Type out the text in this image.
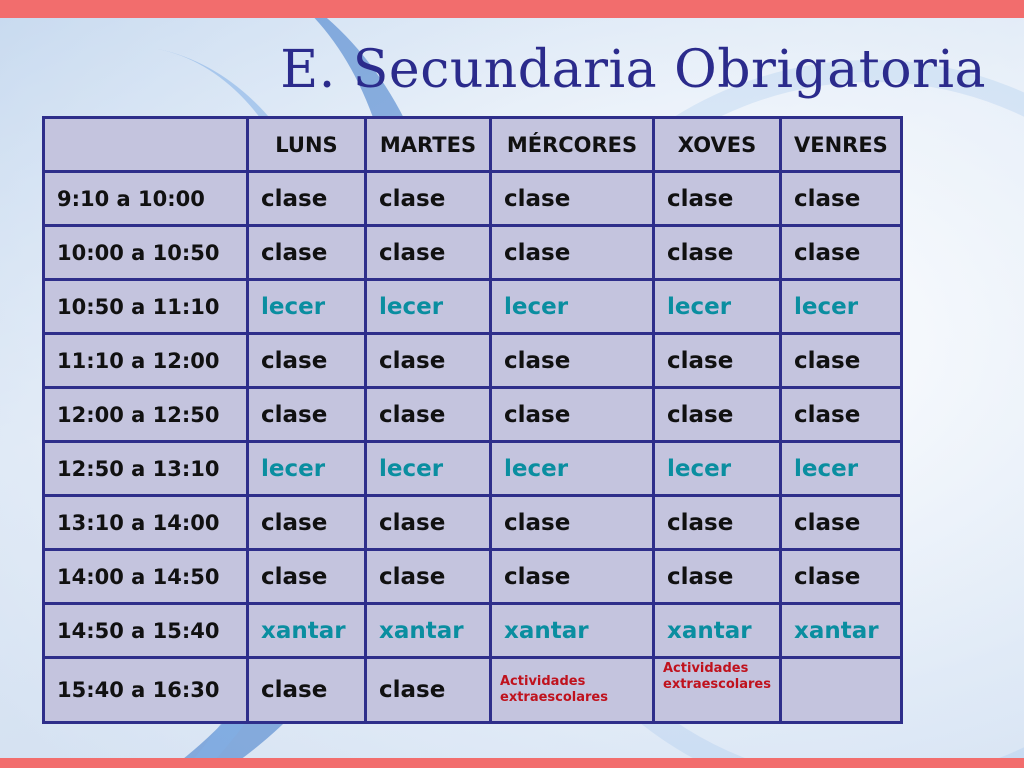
E. Secundaria Obrigatoria
	LUNS	MARTES	MÉRCORES	XOVES	VENRES
9:10 a 10:00	clase	clase	clase	clase	clase
10:00 a 10:50	clase	clase	clase	clase	clase
10:50 a 11:10	lecer	lecer	lecer	lecer	lecer
11:10 a 12:00	clase	clase	clase	clase	clase
12:00 a 12:50	clase	clase	clase	clase	clase
12:50 a 13:10	lecer	lecer	lecer	lecer	lecer
13:10 a 14:00	clase	clase	clase	clase	clase
14:00 a 14:50	clase	clase	clase	clase	clase
14:50 a 15:40	xantar	xantar	xantar	xantar	xantar
15:40 a 16:30	clase	clase	Actividades extraescolares	Actividades extraescolares	
